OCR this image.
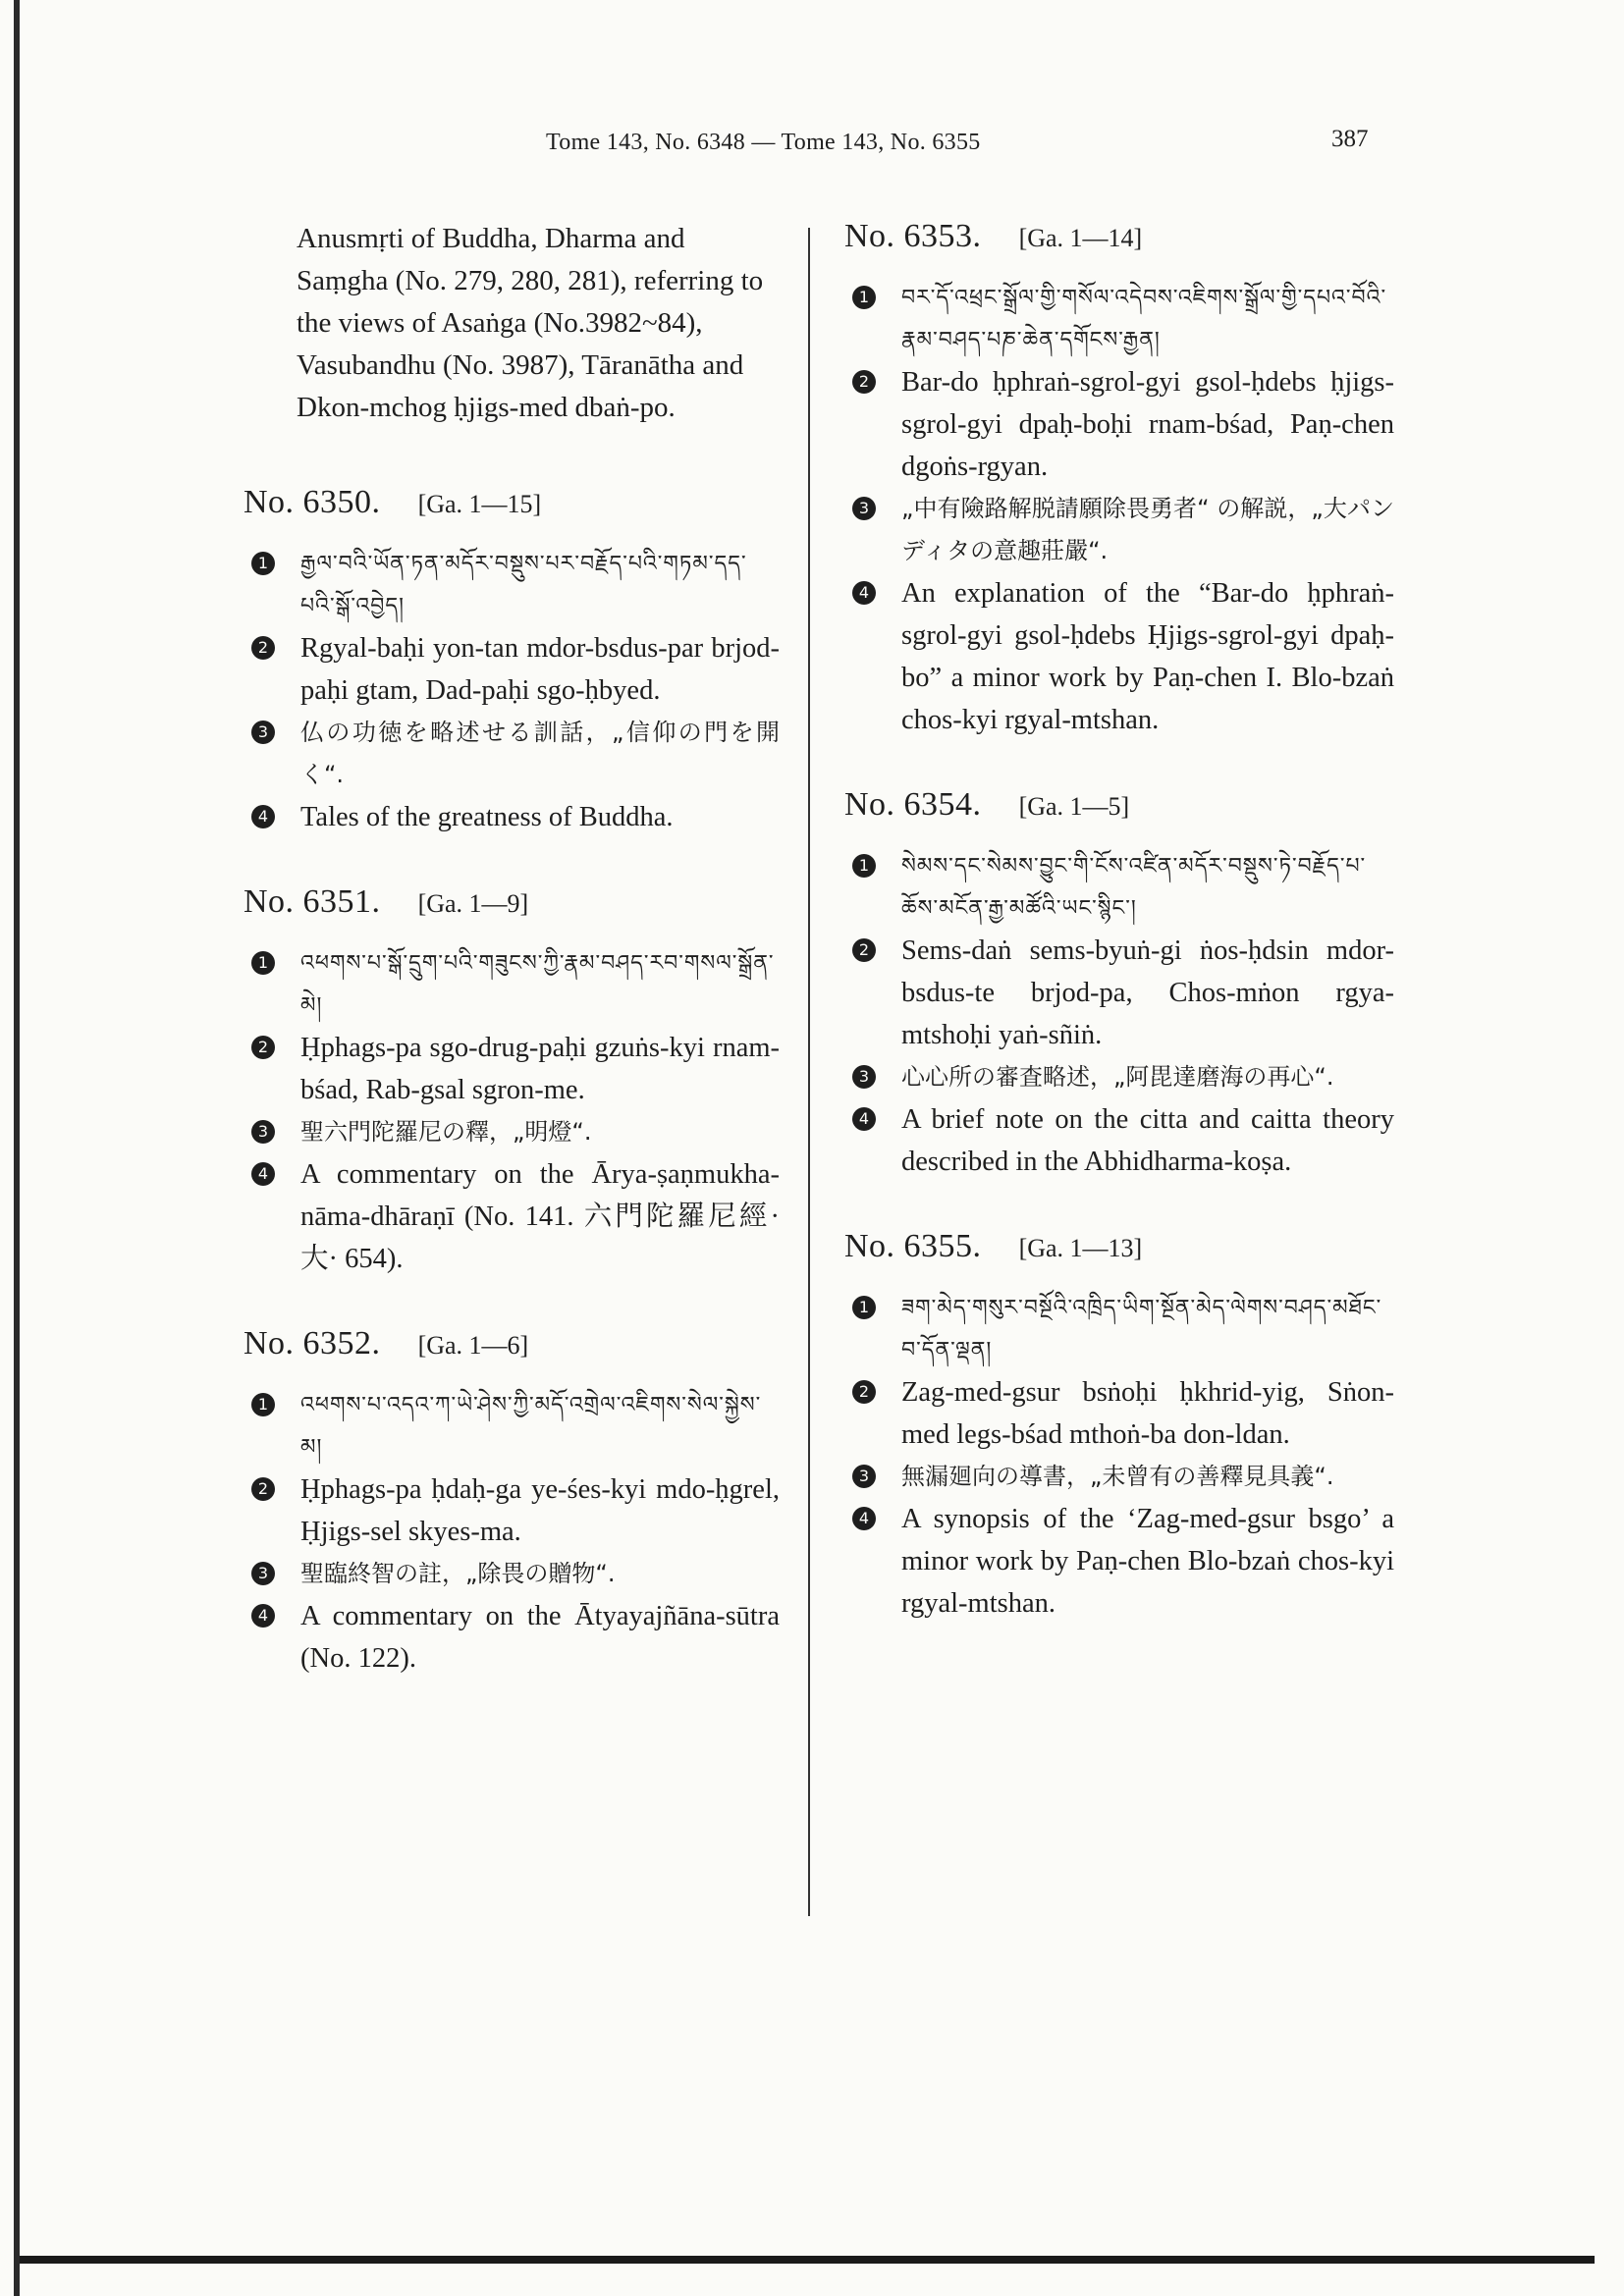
Tome 143, No. 6348 — Tome 143, No. 6355	387
Anusmṛti of Buddha, Dharma and Saṃgha (No. 279, 280, 281), referring to the views of Asaṅga (No.3982~84), Vasubandhu (No. 3987), Tāranātha and Dkon-mchog ḥjigs-med dbaṅ-po.
No. 6350. [Ga. 1—15]
1	རྒྱལ་བའི་ཡོན་ཏན་མདོར་བསྡུས་པར་བརྗོད་པའི་གཏམ་དད་པའི་སྒོ་འབྱེད།
2 Rgyal-baḥi yon-tan mdor-bsdus-par brjod-paḥi gtam, Dad-paḥi sgo-ḥbyed.
3 仏の功徳を略述せる訓話，„信仰の門を開く“.
4 Tales of the greatness of Buddha.
No. 6351. [Ga. 1—9]
1	འཕགས་པ་སྒོ་དྲུག་པའི་གཟུངས་ཀྱི་རྣམ་བཤད་རབ་གསལ་སྒྲོན་མེ།
2 Ḥphags-pa sgo-drug-paḥi gzuṅs-kyi rnam-bśad, Rab-gsal sgron-me.
3 聖六門陀羅尼の釋，„明燈“.
4 A commentary on the Ārya-ṣaṇmukha-nāma-dhāraṇī (No. 141. 六門陀羅尼經· 大· 654).
No. 6352. [Ga. 1—6]
1	འཕགས་པ་འདའ་ཀ་ཡེ་ཤེས་ཀྱི་མདོ་འགྲེལ་འཇིགས་སེལ་སྐྱེས་མ།
2 Ḥphags-pa ḥdaḥ-ga ye-śes-kyi mdo-ḥgrel, Ḥjigs-sel skyes-ma.
3 聖臨終智の註，„除畏の贈物“.
4 A commentary on the Ātyayajñāna-sūtra (No. 122).
No. 6353. [Ga. 1—14]
1	བར་དོ་འཕྲང་སྒྲོལ་གྱི་གསོལ་འདེབས་འཇིགས་སྒྲོལ་གྱི་དཔའ་བོའི་རྣམ་བཤད་པཎ་ཆེན་དགོངས་རྒྱན།
2 Bar-do ḥphraṅ-sgrol-gyi gsol-ḥdebs ḥjigs-sgrol-gyi dpaḥ-boḥi rnam-bśad, Paṇ-chen dgoṅs-rgyan.
3 „中有險路解脱請願除畏勇者“ の解説，„大パンディタの意趣莊嚴“.
4 An explanation of the “Bar-do ḥphraṅ-sgrol-gyi gsol-ḥdebs Ḥjigs-sgrol-gyi dpaḥ-bo” a minor work by Paṇ-chen I. Blo-bzaṅ chos-kyi rgyal-mtshan.
No. 6354. [Ga. 1—5]
1	སེམས་དང་སེམས་བྱུང་གི་ངོས་འཛིན་མདོར་བསྡུས་ཏེ་བརྗོད་པ་ཆོས་མངོན་རྒྱ་མཚོའི་ཡང་སྙིང་།
2 Sems-daṅ sems-byuṅ-gi ṅos-ḥdsin mdor-bsdus-te brjod-pa, Chos-mṅon rgya-mtshoḥi yaṅ-sñiṅ.
3 心心所の審査略述，„阿毘達磨海の再心“.
4 A brief note on the citta and caitta theory described in the Abhidharma-koṣa.
No. 6355. [Ga. 1—13]
1	ཟག་མེད་གསུར་བསྔོའི་འཁྲིད་ཡིག་སྔོན་མེད་ལེགས་བཤད་མཐོང་བ་དོན་ལྡན།
2 Zag-med-gsur bsṅoḥi ḥkhrid-yig, Sṅon-med legs-bśad mthoṅ-ba don-ldan.
3 無漏廻向の導書，„未曾有の善釋見具義“.
4 A synopsis of the ‘Zag-med-gsur bsgo’ a minor work by Paṇ-chen Blo-bzaṅ chos-kyi rgyal-mtshan.
